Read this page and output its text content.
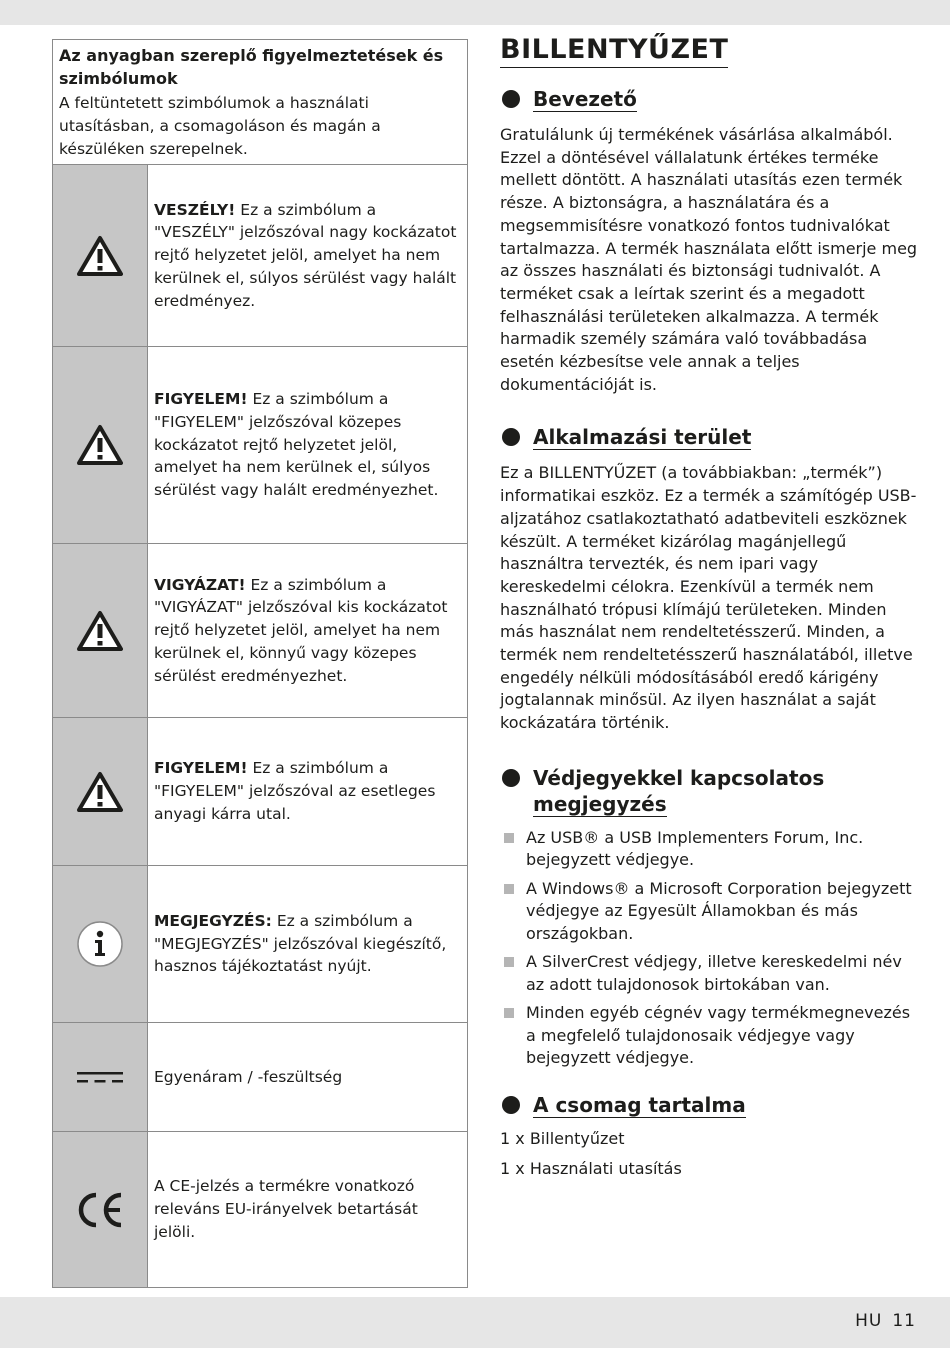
Az anyagban szereplő figyelmeztetések és szimbólumok

A feltüntetett szimbólumok a használati utasításban, a csomagoláson és magán a készüléken szerepelnek.

VESZÉLY! Ez a szimbólum a "VESZÉLY" jelzőszóval nagy kockázatot rejtő helyzetet jelöl, amelyet ha nem kerülnek el, súlyos sérülést vagy halált eredményez.
FIGYELEM! Ez a szimbólum a "FIGYELEM" jelzőszóval közepes kockázatot rejtő helyzetet jelöl, amelyet ha nem kerülnek el, súlyos sérülést vagy halált eredményezhet.
VIGYÁZAT! Ez a szimbólum a "VIGYÁZAT" jelzőszóval kis kockázatot rejtő helyzetet jelöl, amelyet ha nem kerülnek el, könnyű vagy közepes sérülést eredményezhet.
FIGYELEM! Ez a szimbólum a "FIGYELEM" jelzőszóval az esetleges anyagi kárra utal.
MEGJEGYZÉS: Ez a szimbólum a "MEGJEGYZÉS" jelzőszóval kiegészítő, hasznos tájékoztatást nyújt.
Egyenáram / -feszültség
A CE-jelzés a termékre vonatkozó releváns EU-irányelvek betartását jelöli.
BILLENTYŰZET
Bevezető

Gratulálunk új termékének vásárlása alkalmából. Ezzel a döntésével vállalatunk értékes terméke mellett döntött. A használati utasítás ezen termék része. A biztonságra, a használatára és a megsemmisítésre vonatkozó fontos tudnivalókat tartalmazza. A termék használata előtt ismerje meg az összes használati és biztonsági tudnivalót. A terméket csak a leírtak szerint és a megadott felhasználási területeken alkalmazza. A termék harmadik személy számára való továbbadása esetén kézbesítse vele annak a teljes dokumentációját is.

Alkalmazási terület

Ez a BILLENTYŰZET (a továbbiakban: „termék”) informatikai eszköz. Ez a termék a számítógép USB-aljzatához csatlakoztatható adatbeviteli eszköznek készült. A terméket kizárólag magánjellegű használtra tervezték, és nem ipari vagy kereskedelmi célokra. Ezenkívül a termék nem használható trópusi klímájú területeken. Minden más használat nem rendeltetésszerű. Minden, a termék nem rendeltetésszerű használatából, illetve engedély nélküli módosításából eredő kárigény jogtalannak minősül. Az ilyen használat a saját kockázatára történik.

Védjegyekkel kapcsolatos
megjegyzés
Az USB® a USB Implementers Forum, Inc. bejegyzett védjegye.
A Windows® a Microsoft Corporation bejegyzett védjegye az Egyesült Államokban és más országokban.
A SilverCrest védjegy, illetve kereskedelmi név az adott tulajdonosok birtokában van.
Minden egyéb cégnév vagy termékmegnevezés a megfelelő tulajdonosaik védjegye vagy bejegyzett védjegye.
A csomag tartalma

1 x Billentyűzet

1 x Használati utasítás

HU 11
